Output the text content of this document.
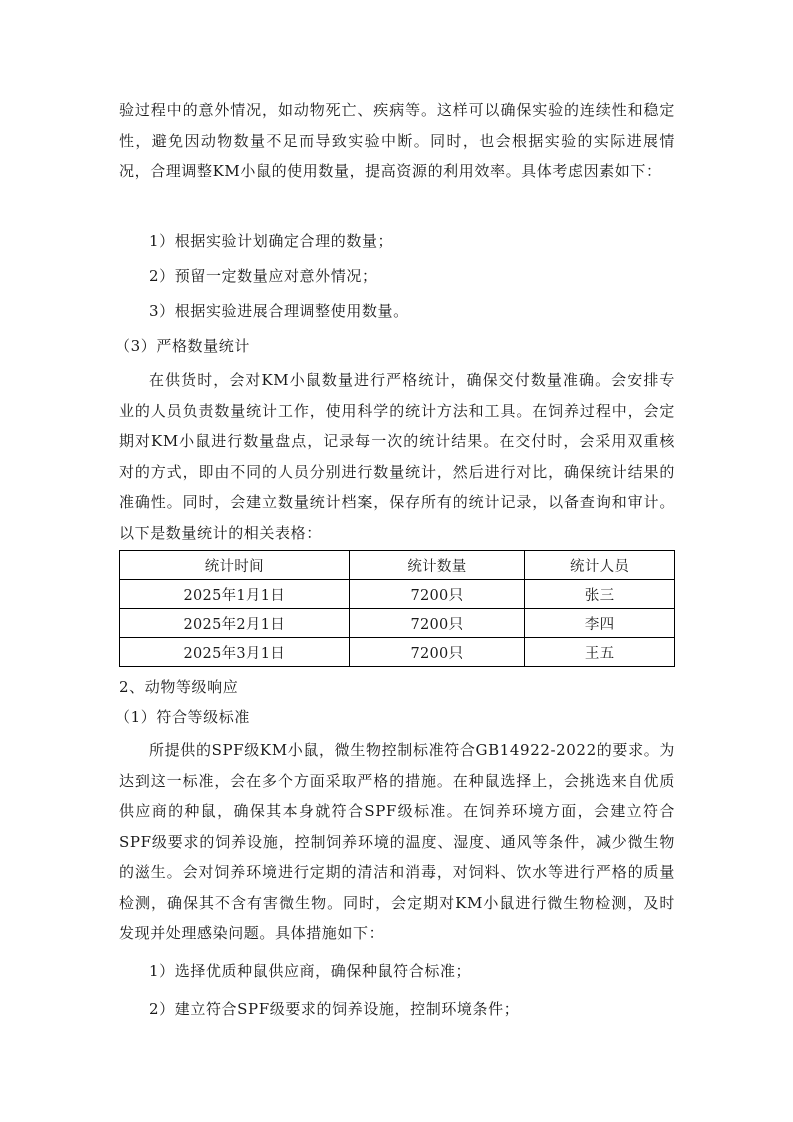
验过程中的意外情况，如动物死亡、疾病等。这样可以确保实验的连续性和稳定性，避免因动物数量不足而导致实验中断。同时，也会根据实验的实际进展情况，合理调整KM小鼠的使用数量，提高资源的利用效率。具体考虑因素如下：

1）根据实验计划确定合理的数量；
2）预留一定数量应对意外情况；
3）根据实验进展合理调整使用数量。
（3）严格数量统计

在供货时，会对KM小鼠数量进行严格统计，确保交付数量准确。会安排专业的人员负责数量统计工作，使用科学的统计方法和工具。在饲养过程中，会定期对KM小鼠进行数量盘点，记录每一次的统计结果。在交付时，会采用双重核对的方式，即由不同的人员分别进行数量统计，然后进行对比，确保统计结果的准确性。同时，会建立数量统计档案，保存所有的统计记录，以备查询和审计。以下是数量统计的相关表格：

统计时间	统计数量	统计人员
2025年1月1日	7200只	张三
2025年2月1日	7200只	李四
2025年3月1日	7200只	王五
2、动物等级响应
（1）符合等级标准

所提供的SPF级KM小鼠，微生物控制标准符合GB14922-2022的要求。为达到这一标准，会在多个方面采取严格的措施。在种鼠选择上，会挑选来自优质供应商的种鼠，确保其本身就符合SPF级标准。在饲养环境方面，会建立符合SPF级要求的饲养设施，控制饲养环境的温度、湿度、通风等条件，减少微生物的滋生。会对饲养环境进行定期的清洁和消毒，对饲料、饮水等进行严格的质量检测，确保其不含有害微生物。同时，会定期对KM小鼠进行微生物检测，及时发现并处理感染问题。具体措施如下：

1）选择优质种鼠供应商，确保种鼠符合标准；
2）建立符合SPF级要求的饲养设施，控制环境条件；
